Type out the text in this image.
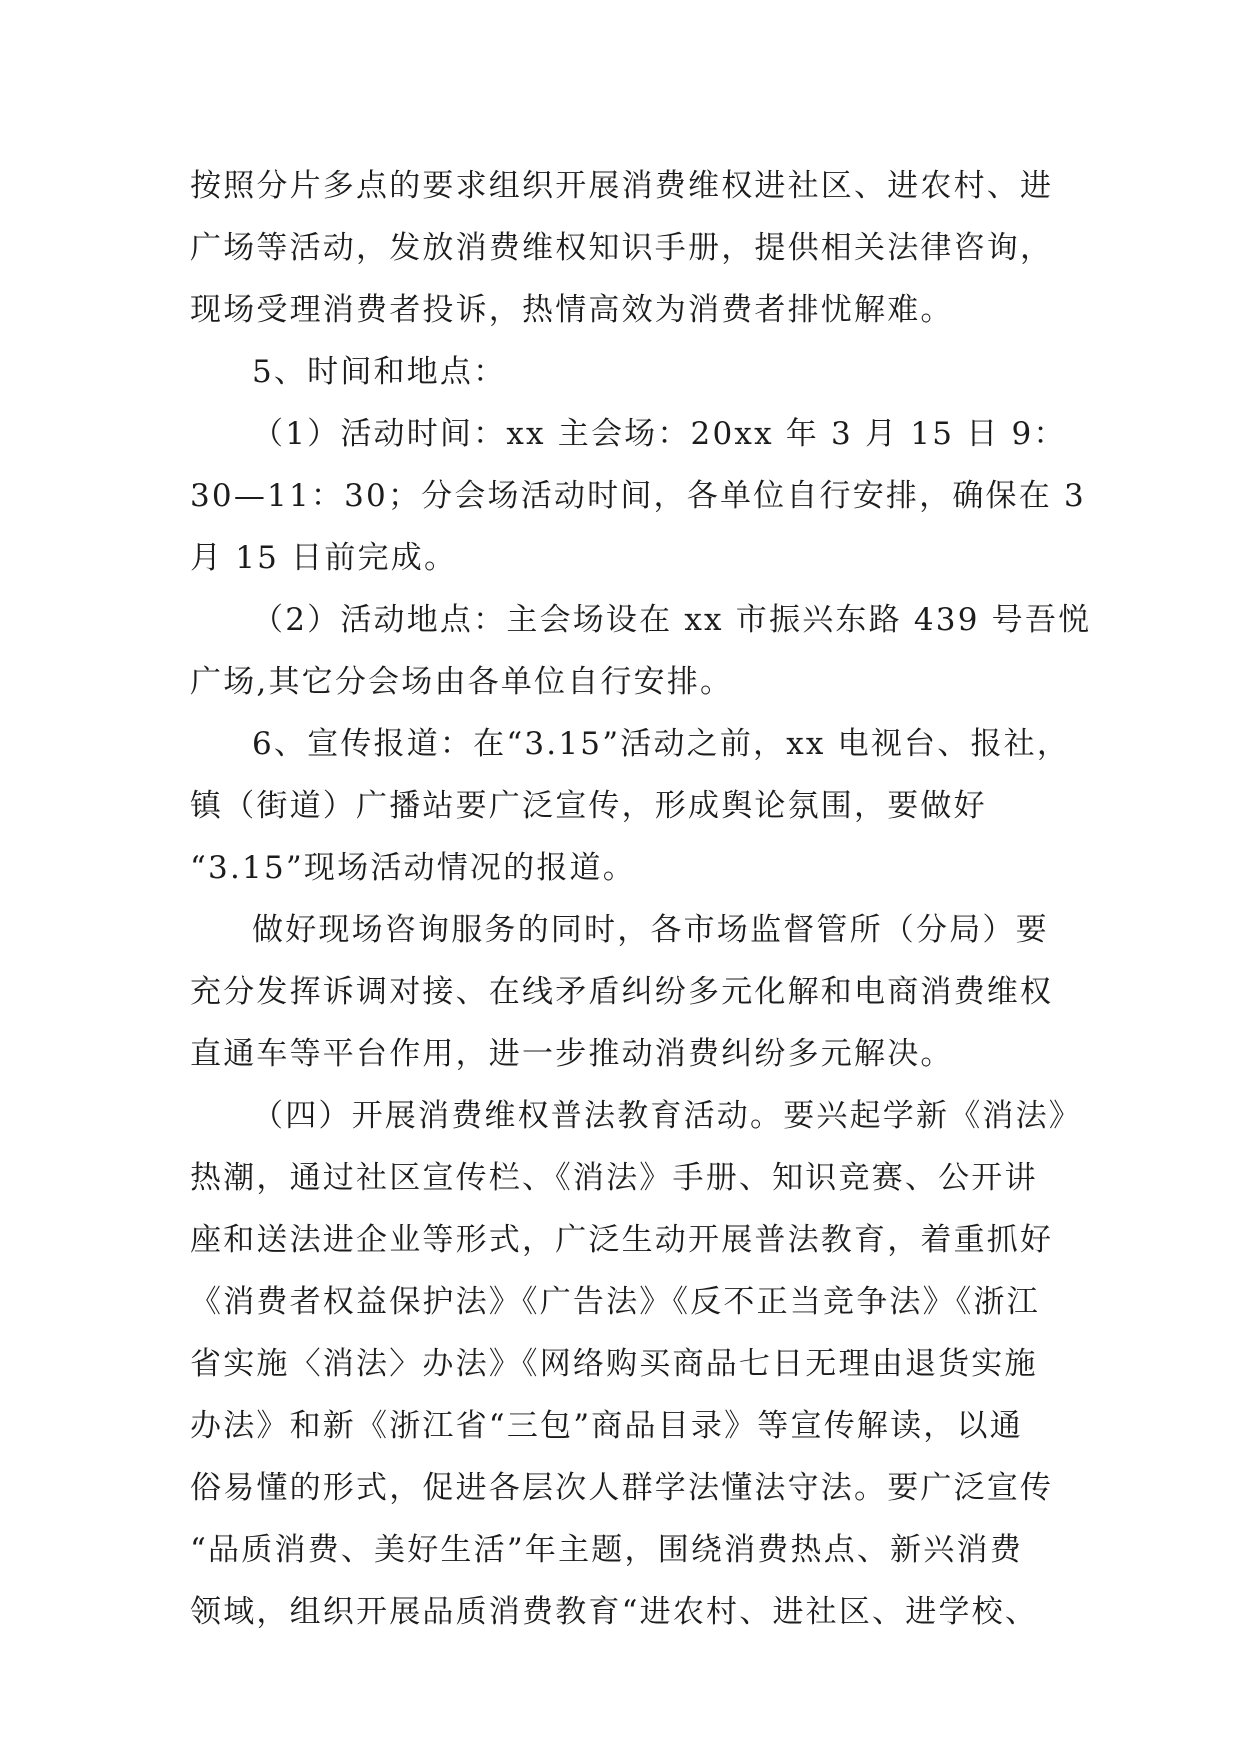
按照分片多点的要求组织开展消费维权进社区、进农村、进
广场等活动，发放消费维权知识手册，提供相关法律咨询，
现场受理消费者投诉，热情高效为消费者排忧解难。
5、时间和地点：
（1）活动时间：xx 主会场：20xx 年 3 月 15 日 9：
30—11：30；分会场活动时间，各单位自行安排，确保在 3
月 15 日前完成。
（2）活动地点：主会场设在 xx 市振兴东路 439 号吾悦
广场,其它分会场由各单位自行安排。
6、宣传报道：在“3.15”活动之前，xx 电视台、报社，
镇（街道）广播站要广泛宣传，形成舆论氛围，要做好
“3.15”现场活动情况的报道。
做好现场咨询服务的同时，各市场监督管所（分局）要
充分发挥诉调对接、在线矛盾纠纷多元化解和电商消费维权
直通车等平台作用，进一步推动消费纠纷多元解决。
（四）开展消费维权普法教育活动。要兴起学新《消法》
热潮，通过社区宣传栏、《消法》手册、知识竞赛、公开讲
座和送法进企业等形式，广泛生动开展普法教育，着重抓好
《消费者权益保护法》《广告法》《反不正当竞争法》《浙江
省实施〈消法〉办法》《网络购买商品七日无理由退货实施
办法》和新《浙江省“三包”商品目录》等宣传解读，以通
俗易懂的形式，促进各层次人群学法懂法守法。要广泛宣传
“品质消费、美好生活”年主题，围绕消费热点、新兴消费
领域，组织开展品质消费教育“进农村、进社区、进学校、
